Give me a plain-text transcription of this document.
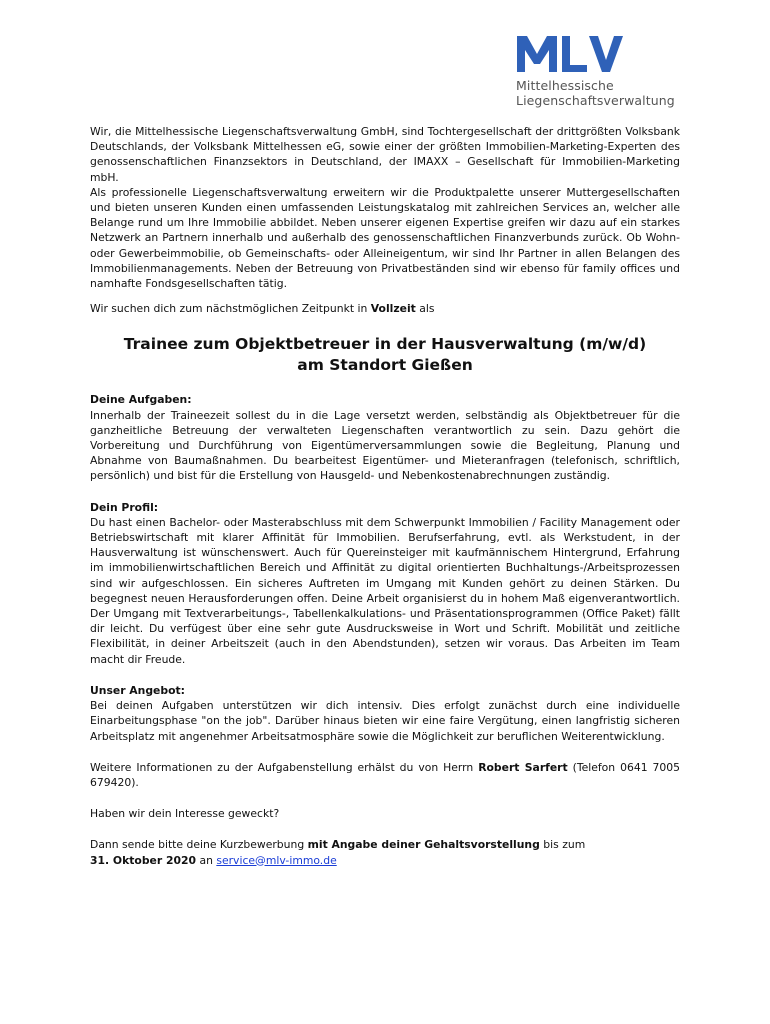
Mittelhessische
Liegenschaftsverwaltung

Wir, die Mittelhessische Liegenschaftsverwaltung GmbH, sind Tochtergesellschaft der drittgrößten Volksbank Deutschlands, der Volksbank Mittelhessen eG, sowie einer der größten Immobilien-Marketing-Experten des genossenschaftlichen Finanzsektors in Deutschland, der IMAXX – Gesellschaft für Immobilien-Marketing mbH.

Als professionelle Liegenschaftsverwaltung erweitern wir die Produktpalette unserer Muttergesellschaften und bieten unseren Kunden einen umfassenden Leistungskatalog mit zahlreichen Services an, welcher alle Belange rund um Ihre Immobilie abbildet. Neben unserer eigenen Expertise greifen wir dazu auf ein starkes Netzwerk an Partnern innerhalb und außerhalb des genossenschaftlichen Finanzverbunds zurück. Ob Wohn- oder Gewerbeimmobilie, ob Gemeinschafts- oder Alleineigentum, wir sind Ihr Partner in allen Belangen des Immobilienmanagements. Neben der Betreuung von Privatbeständen sind wir ebenso für family offices und namhafte Fondsgesellschaften tätig.

Wir suchen dich zum nächstmöglichen Zeitpunkt in Vollzeit als

Trainee zum Objektbetreuer in der Hausverwaltung (m/w/d)
am Standort Gießen

Deine Aufgaben:

Innerhalb der Traineezeit sollest du in die Lage versetzt werden, selbständig als Objektbetreuer für die ganzheitliche Betreuung der verwalteten Liegenschaften verantwortlich zu sein. Dazu gehört die Vorbereitung und Durchführung von Eigentümerversammlungen sowie die Begleitung, Planung und Abnahme von Baumaßnahmen. Du bearbeitest Eigentümer- und Mieteranfragen (telefonisch, schriftlich, persönlich) und bist für die Erstellung von Hausgeld- und Nebenkostenabrechnungen zuständig.

Dein Profil:

Du hast einen Bachelor- oder Masterabschluss mit dem Schwerpunkt Immobilien / Facility Management oder Betriebswirtschaft mit klarer Affinität für Immobilien. Berufserfahrung, evtl. als Werkstudent, in der Hausverwaltung ist wünschenswert. Auch für Quereinsteiger mit kaufmännischem Hintergrund, Erfahrung im immobilienwirtschaftlichen Bereich und Affinität zu digital orientierten Buchhaltungs-/Arbeitsprozessen sind wir aufgeschlossen. Ein sicheres Auftreten im Umgang mit Kunden gehört zu deinen Stärken. Du begegnest neuen Herausforderungen offen. Deine Arbeit organisierst du in hohem Maß eigenverantwortlich. Der Umgang mit Textverarbeitungs-, Tabellenkalkulations- und Präsentationsprogrammen (Office Paket) fällt dir leicht. Du verfügest über eine sehr gute Ausdrucksweise in Wort und Schrift. Mobilität und zeitliche Flexibilität, in deiner Arbeitszeit (auch in den Abendstunden), setzen wir voraus. Das Arbeiten im Team macht dir Freude.

Unser Angebot:

Bei deinen Aufgaben unterstützen wir dich intensiv. Dies erfolgt zunächst durch eine individuelle Einarbeitungsphase "on the job". Darüber hinaus bieten wir eine faire Vergütung, einen langfristig sicheren Arbeitsplatz mit angenehmer Arbeitsatmosphäre sowie die Möglichkeit zur beruflichen Weiterentwicklung.

Weitere Informationen zu der Aufgabenstellung erhälst du von Herrn Robert Sarfert (Telefon 0641 7005 679420).

Haben wir dein Interesse geweckt?

Dann sende bitte deine Kurzbewerbung mit Angabe deiner Gehaltsvorstellung bis zum
31. Oktober 2020 an service@mlv-immo.de
